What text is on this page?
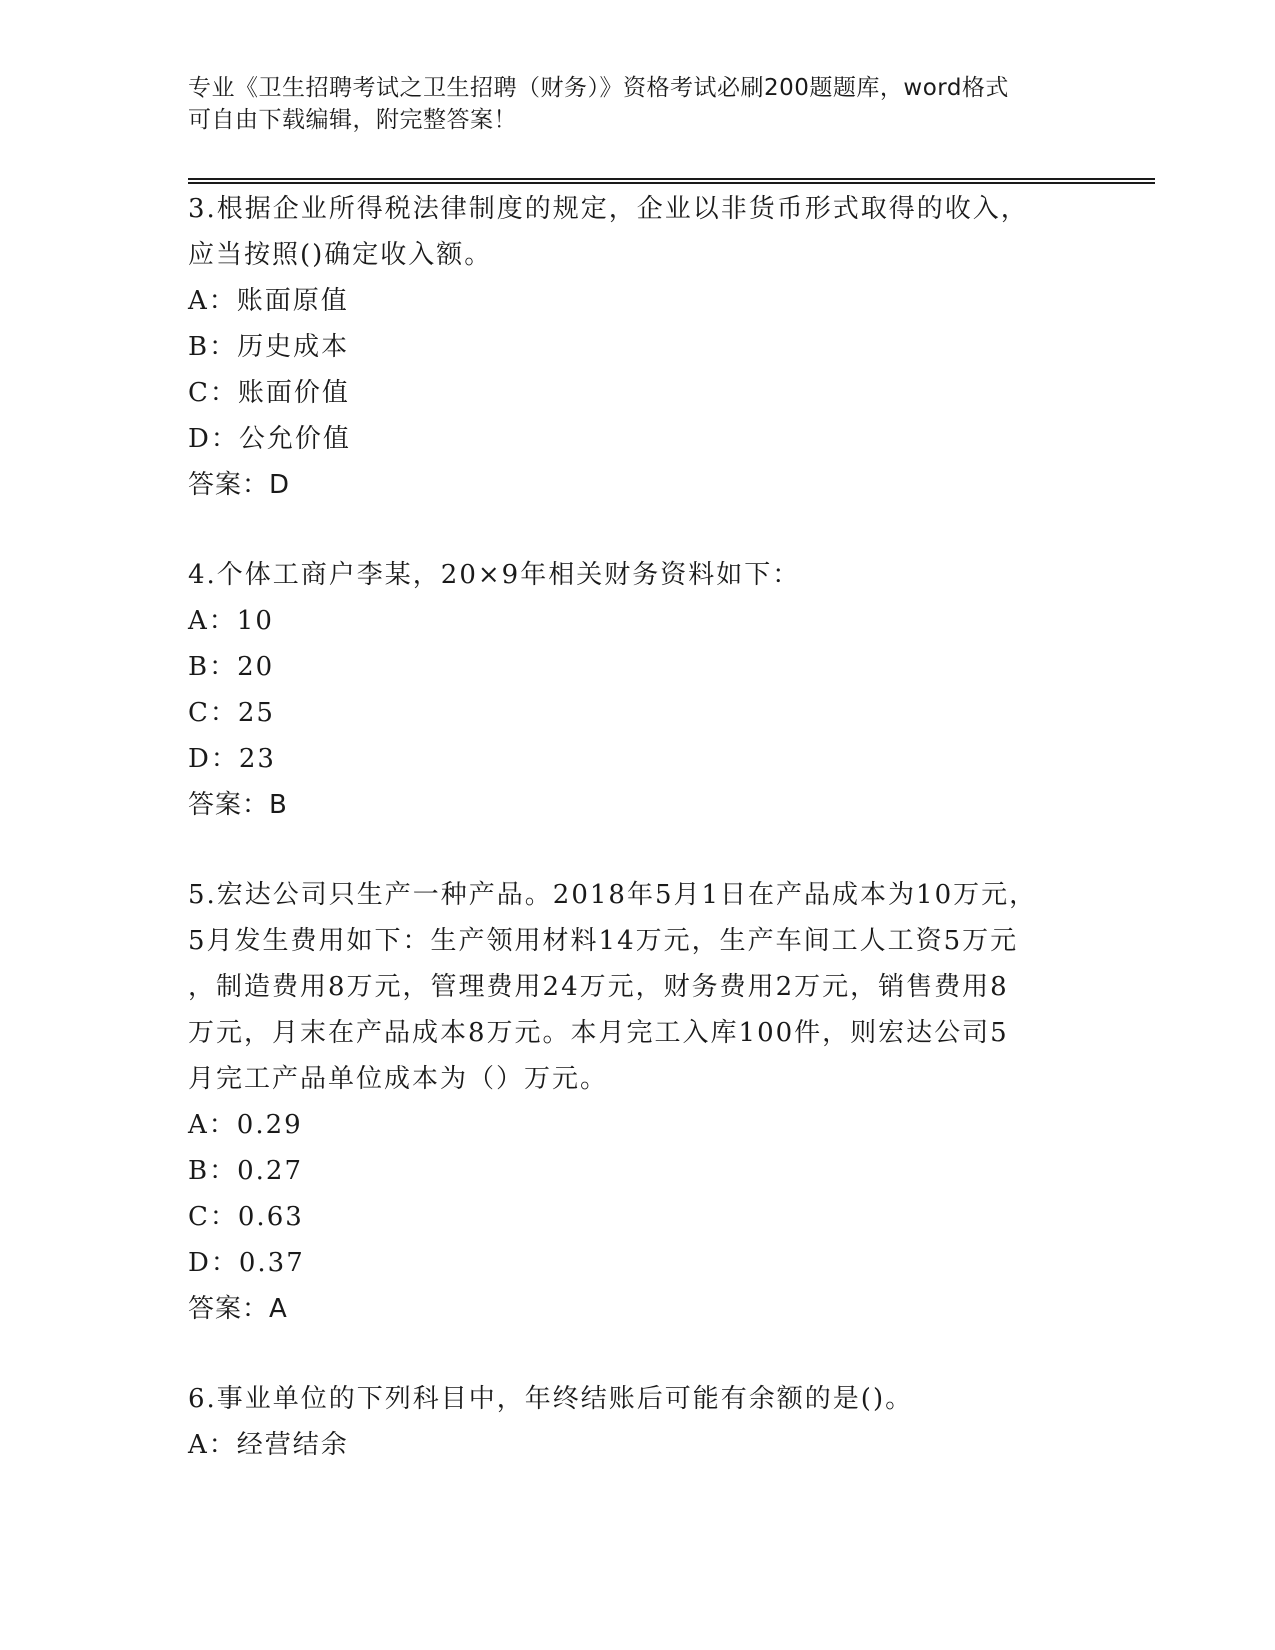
专业《卫生招聘考试之卫生招聘（财务）》资格考试必刷200题题库，word格式
可自由下载编辑，附完整答案！
3.根据企业所得税法律制度的规定，企业以非货币形式取得的收入，
应当按照()确定收入额。
A：账面原值
B：历史成本
C：账面价值
D：公允价值
答案：D
4.个体工商户李某，20×9年相关财务资料如下：
A：10
B：20
C：25
D：23
答案：B
5.宏达公司只生产一种产品。2018年5月1日在产品成本为10万元，
5月发生费用如下：生产领用材料14万元，生产车间工人工资5万元
，制造费用8万元，管理费用24万元，财务费用2万元，销售费用8
万元，月末在产品成本8万元。本月完工入库100件，则宏达公司5
月完工产品单位成本为（）万元。
A：0.29
B：0.27
C：0.63
D：0.37
答案：A
6.事业单位的下列科目中，年终结账后可能有余额的是()。
A：经营结余
